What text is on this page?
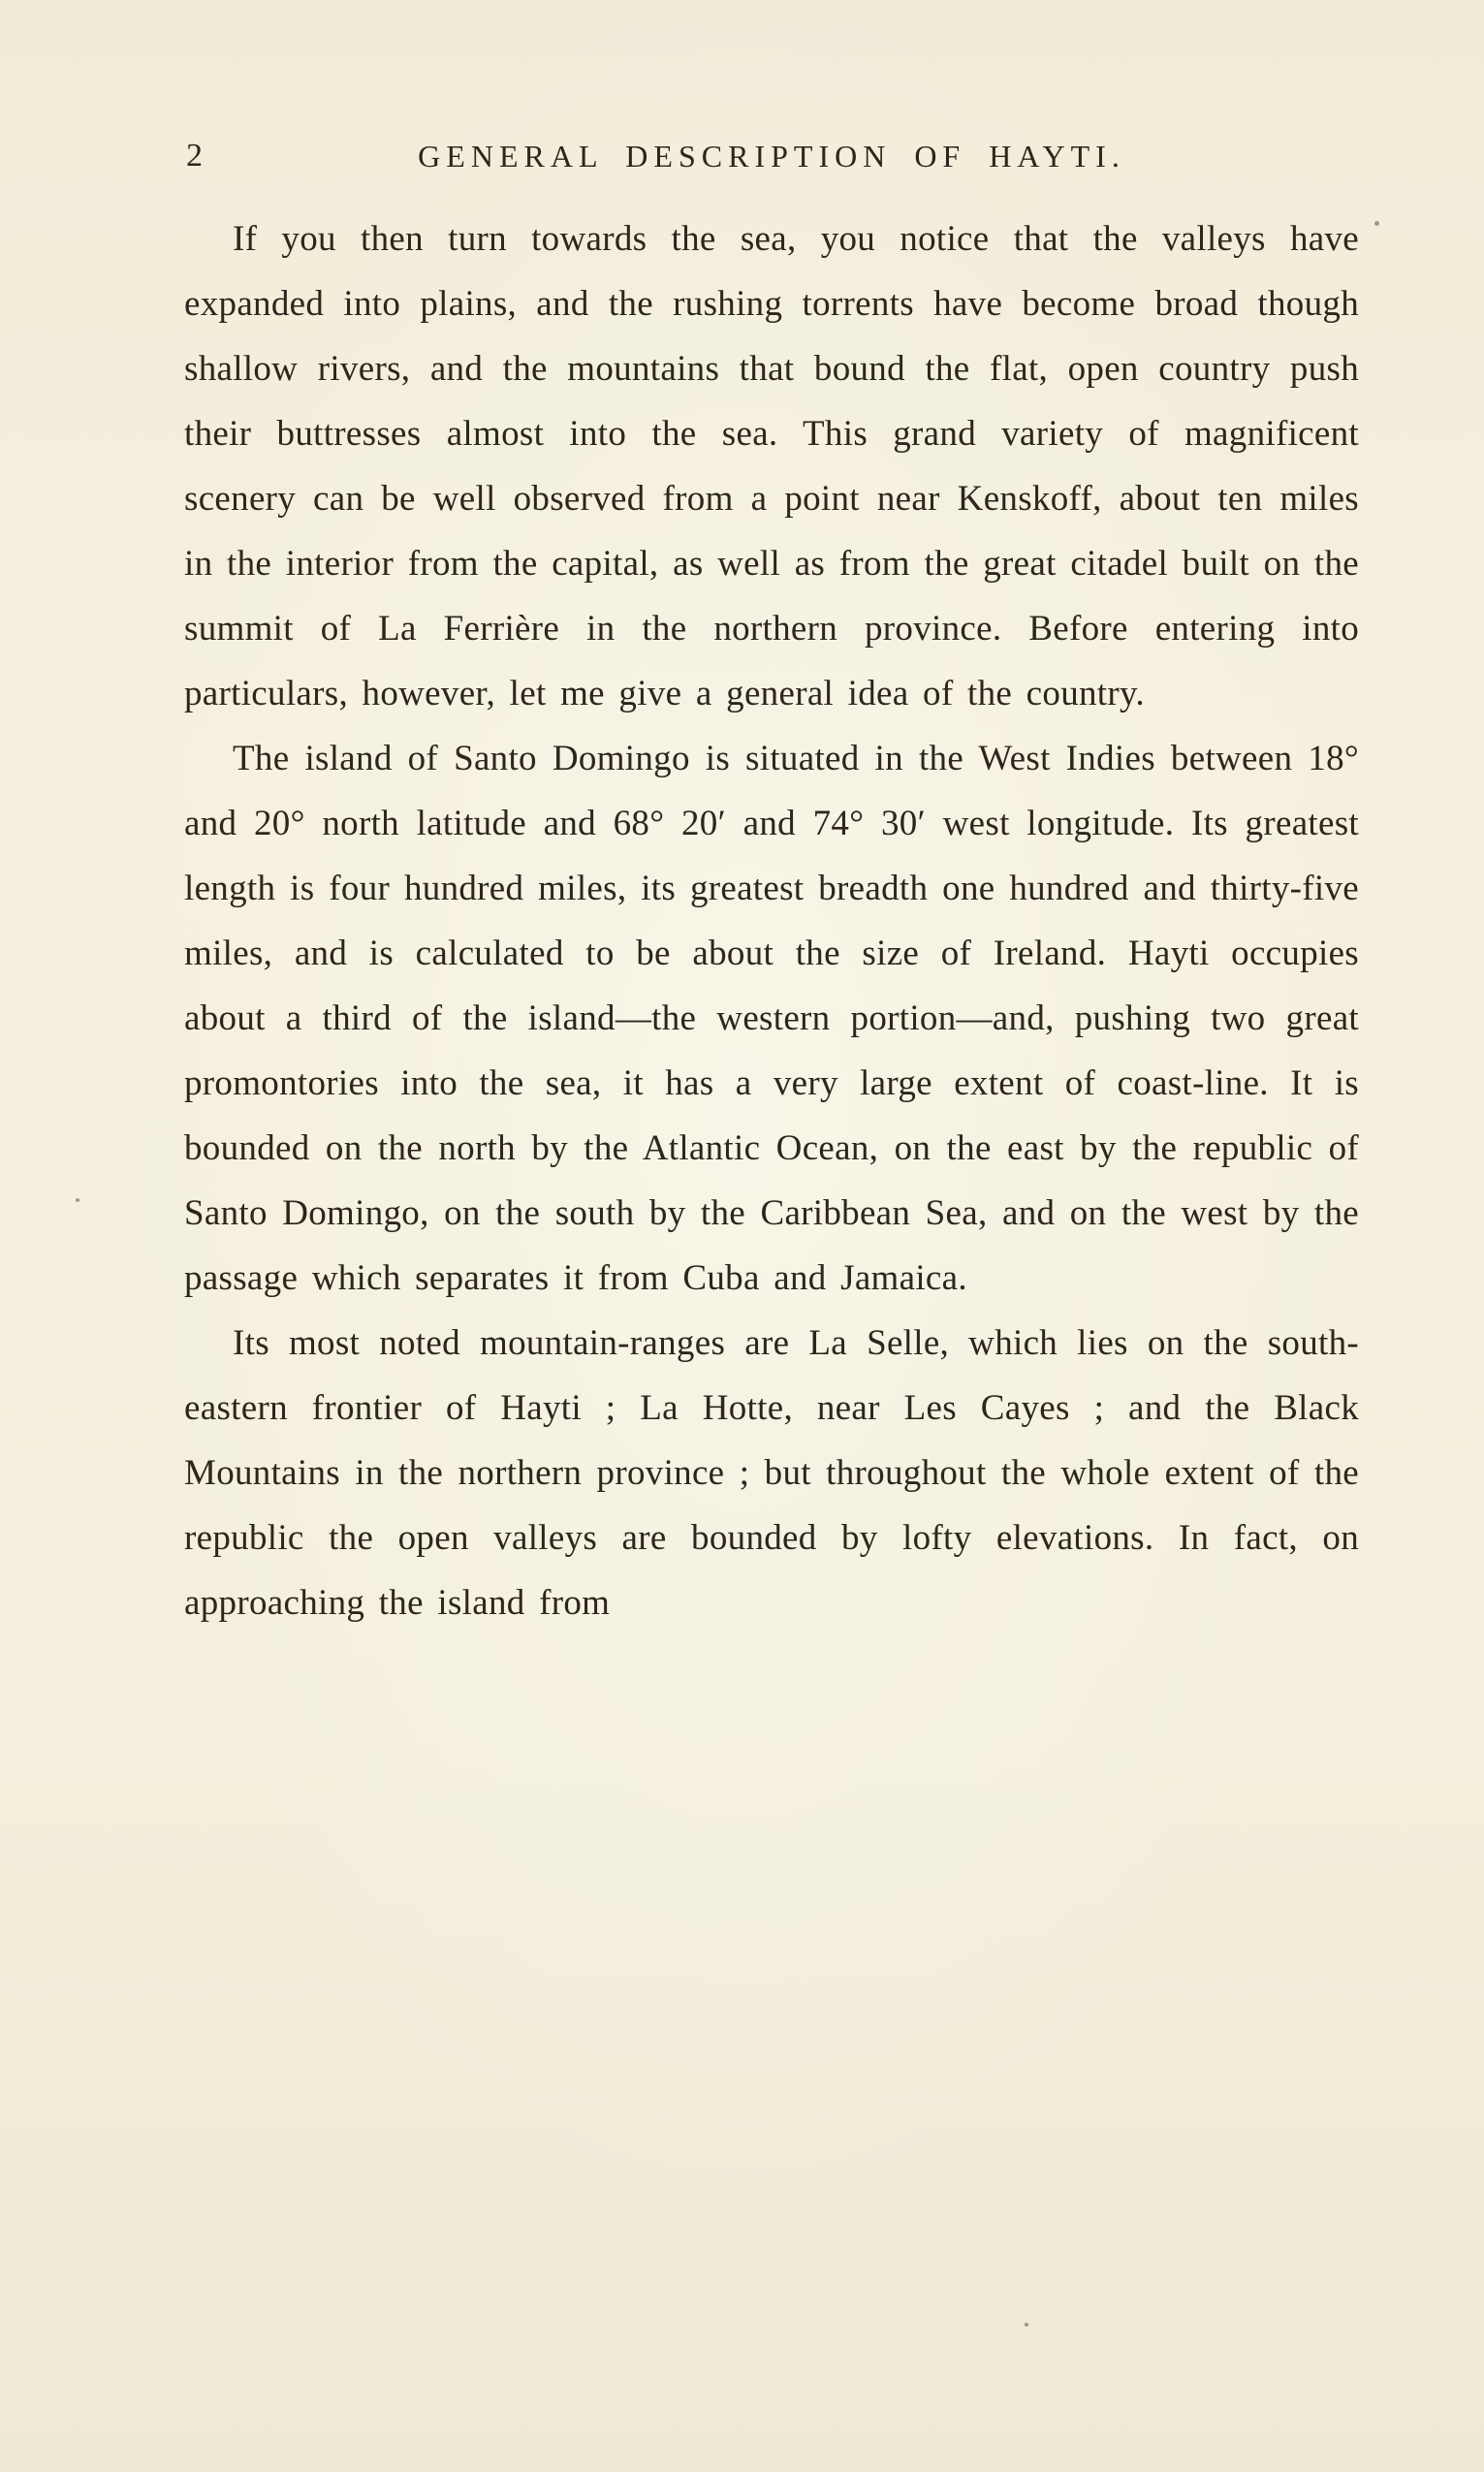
2	GENERAL DESCRIPTION OF HAYTI.

If you then turn towards the sea, you notice that the valleys have expanded into plains, and the rushing torrents have become broad though shallow rivers, and the mountains that bound the flat, open country push their buttresses almost into the sea. This grand variety of magnificent scenery can be well observed from a point near Kenskoff, about ten miles in the interior from the capital, as well as from the great citadel built on the summit of La Ferrière in the northern province. Before entering into particulars, however, let me give a general idea of the country.

The island of Santo Domingo is situated in the West Indies between 18° and 20° north latitude and 68° 20′ and 74° 30′ west longitude. Its greatest length is four hundred miles, its greatest breadth one hundred and thirty-five miles, and is calculated to be about the size of Ireland. Hayti occupies about a third of the island—the western portion—and, pushing two great promontories into the sea, it has a very large extent of coast-line. It is bounded on the north by the Atlantic Ocean, on the east by the republic of Santo Domingo, on the south by the Caribbean Sea, and on the west by the passage which separates it from Cuba and Jamaica.

Its most noted mountain-ranges are La Selle, which lies on the south-eastern frontier of Hayti ; La Hotte, near Les Cayes ; and the Black Mountains in the northern province ; but throughout the whole extent of the republic the open valleys are bounded by lofty elevations. In fact, on approaching the island from
